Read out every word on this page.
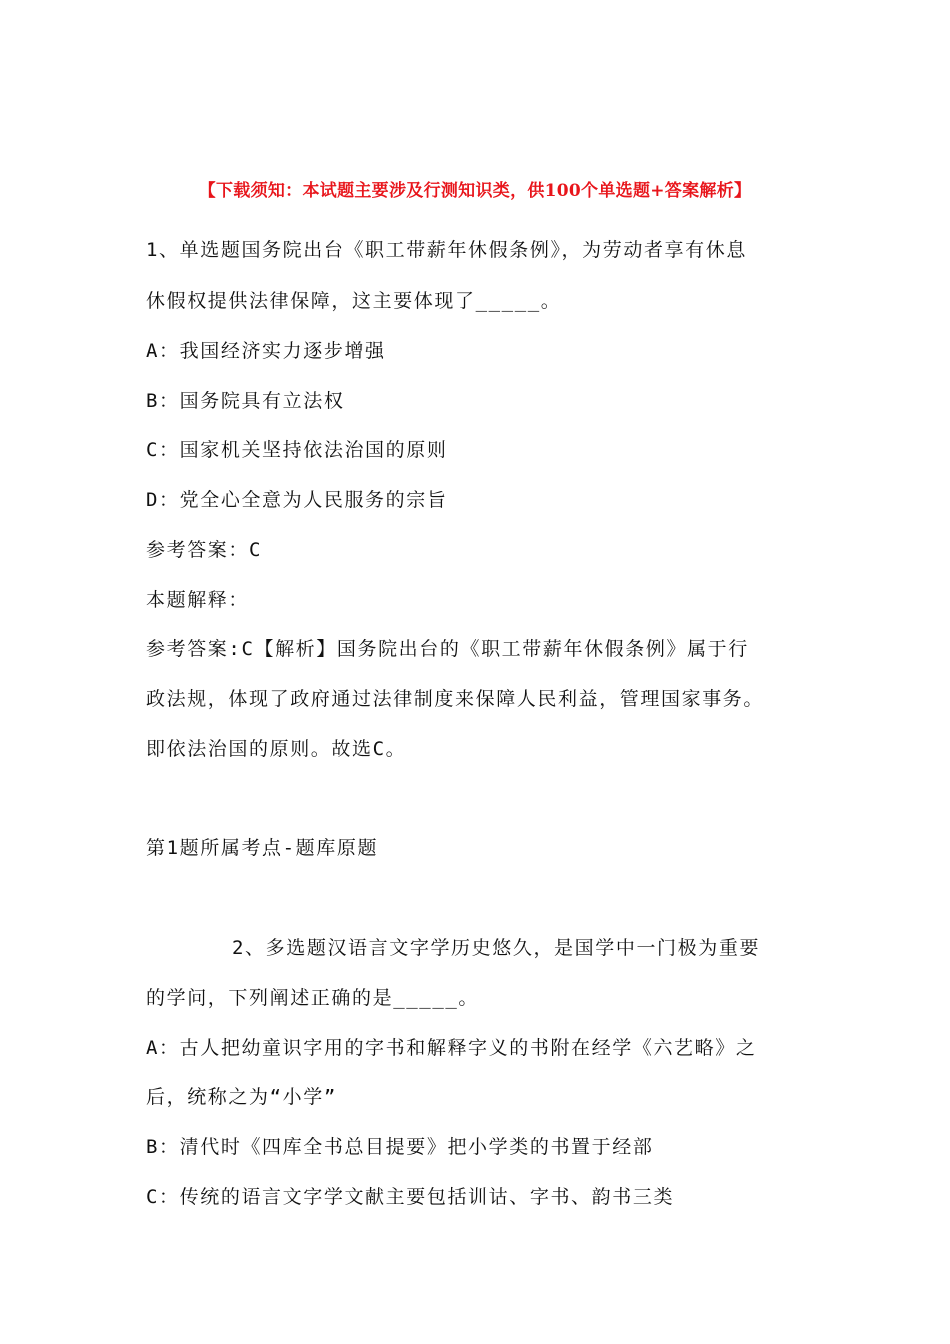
【下载须知：本试题主要涉及行测知识类，供100个单选题+答案解析】
1、单选题国务院出台《职工带薪年休假条例》，为劳动者享有休息
休假权提供法律保障，这主要体现了_____。
A：我国经济实力逐步增强
B：国务院具有立法权
C：国家机关坚持依法治国的原则
D：党全心全意为人民服务的宗旨
参考答案：C
本题解释：
参考答案:C【解析】国务院出台的《职工带薪年休假条例》属于行
政法规，体现了政府通过法律制度来保障人民利益，管理国家事务。
即依法治国的原则。故选C。
第1题所属考点-题库原题
2、多选题汉语言文字学历史悠久，是国学中一门极为重要
的学问，下列阐述正确的是_____。
A：古人把幼童识字用的字书和解释字义的书附在经学《六艺略》之
后，统称之为“小学”
B：清代时《四库全书总目提要》把小学类的书置于经部
C：传统的语言文字学文献主要包括训诂、字书、韵书三类
